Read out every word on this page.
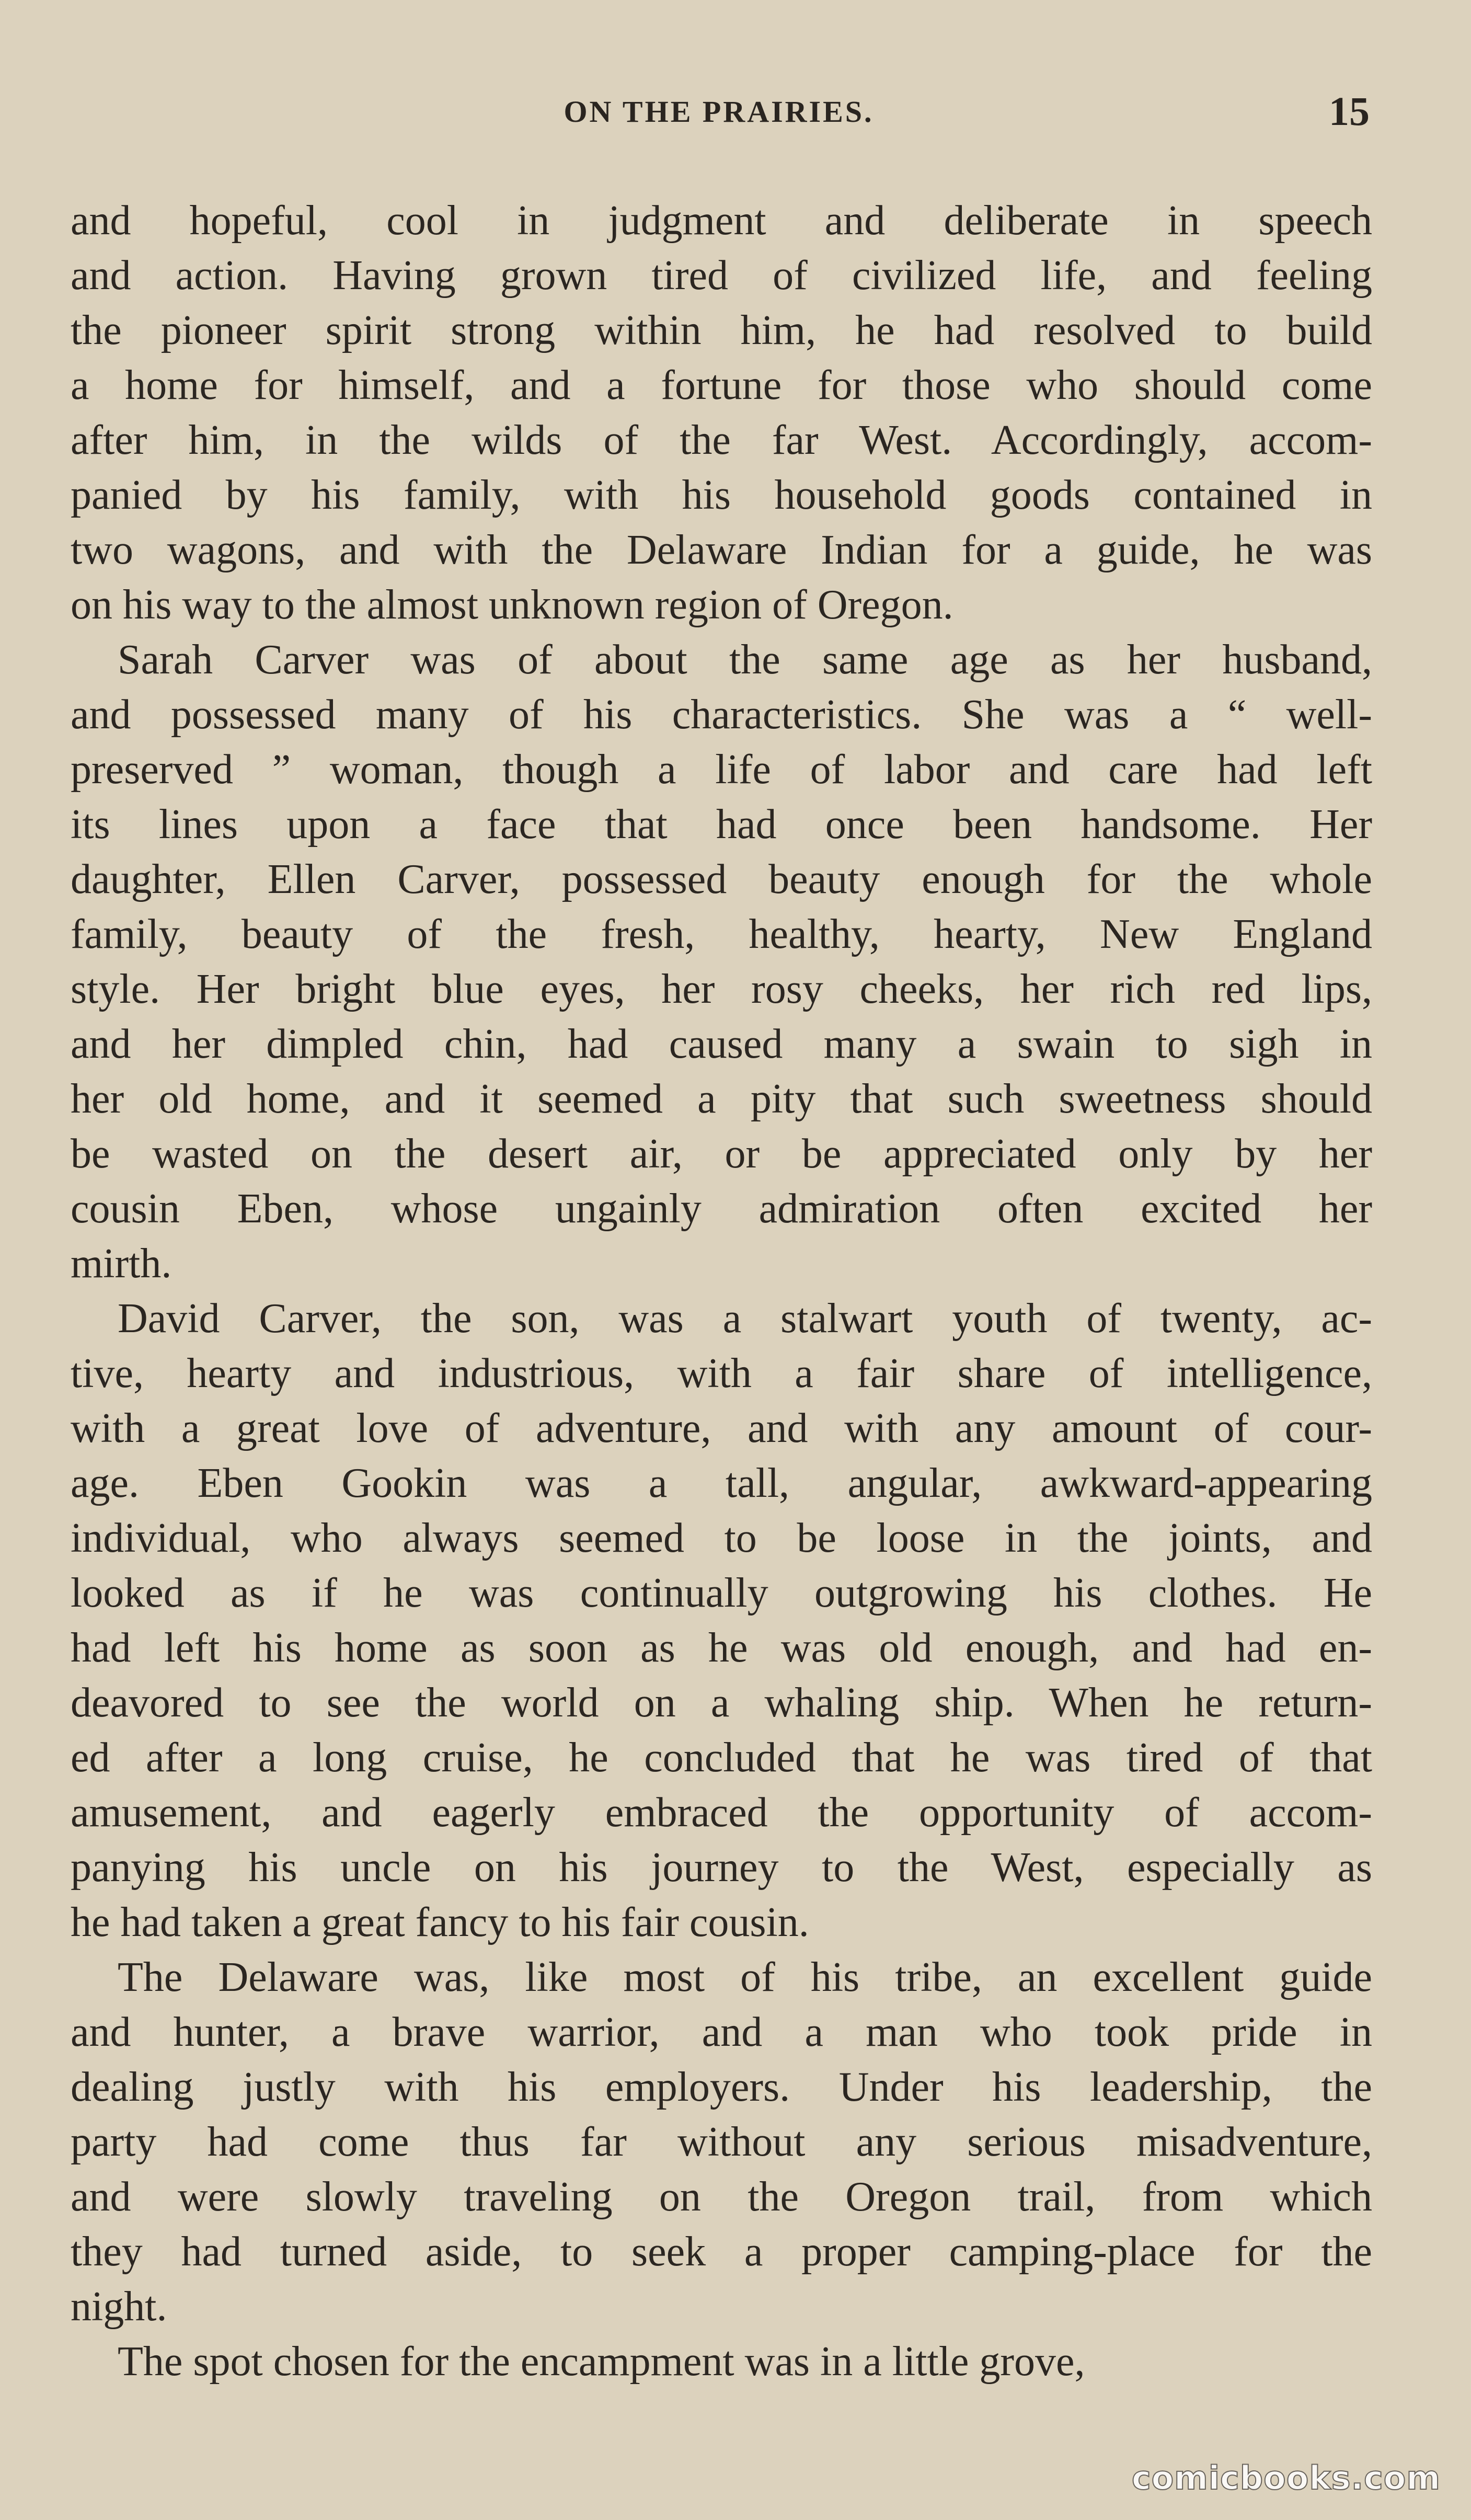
ON THE PRAIRIES.	15
and hopeful, cool in judgment and deliberate in speech
and action. Having grown tired of civilized life, and feeling
the pioneer spirit strong within him, he had resolved to build
a home for himself, and a fortune for those who should come
after him, in the wilds of the far West. Accordingly, accom-
panied by his family, with his household goods contained in
two wagons, and with the Delaware Indian for a guide, he was
on his way to the almost unknown region of Oregon.
Sarah Carver was of about the same age as her husband,
and possessed many of his characteristics. She was a “ well-
preserved ” woman, though a life of labor and care had left
its lines upon a face that had once been handsome. Her
daughter, Ellen Carver, possessed beauty enough for the whole
family, beauty of the fresh, healthy, hearty, New England
style. Her bright blue eyes, her rosy cheeks, her rich red lips,
and her dimpled chin, had caused many a swain to sigh in
her old home, and it seemed a pity that such sweetness should
be wasted on the desert air, or be appreciated only by her
cousin Eben, whose ungainly admiration often excited her
mirth.
David Carver, the son, was a stalwart youth of twenty, ac-
tive, hearty and industrious, with a fair share of intelligence,
with a great love of adventure, and with any amount of cour-
age. Eben Gookin was a tall, angular, awkward-appearing
individual, who always seemed to be loose in the joints, and
looked as if he was continually outgrowing his clothes. He
had left his home as soon as he was old enough, and had en-
deavored to see the world on a whaling ship. When he return-
ed after a long cruise, he concluded that he was tired of that
amusement, and eagerly embraced the opportunity of accom-
panying his uncle on his journey to the West, especially as
he had taken a great fancy to his fair cousin.
The Delaware was, like most of his tribe, an excellent guide
and hunter, a brave warrior, and a man who took pride in
dealing justly with his employers. Under his leadership, the
party had come thus far without any serious misadventure,
and were slowly traveling on the Oregon trail, from which
they had turned aside, to seek a proper camping-place for the
night.
The spot chosen for the encampment was in a little grove,
comicbooks.com
